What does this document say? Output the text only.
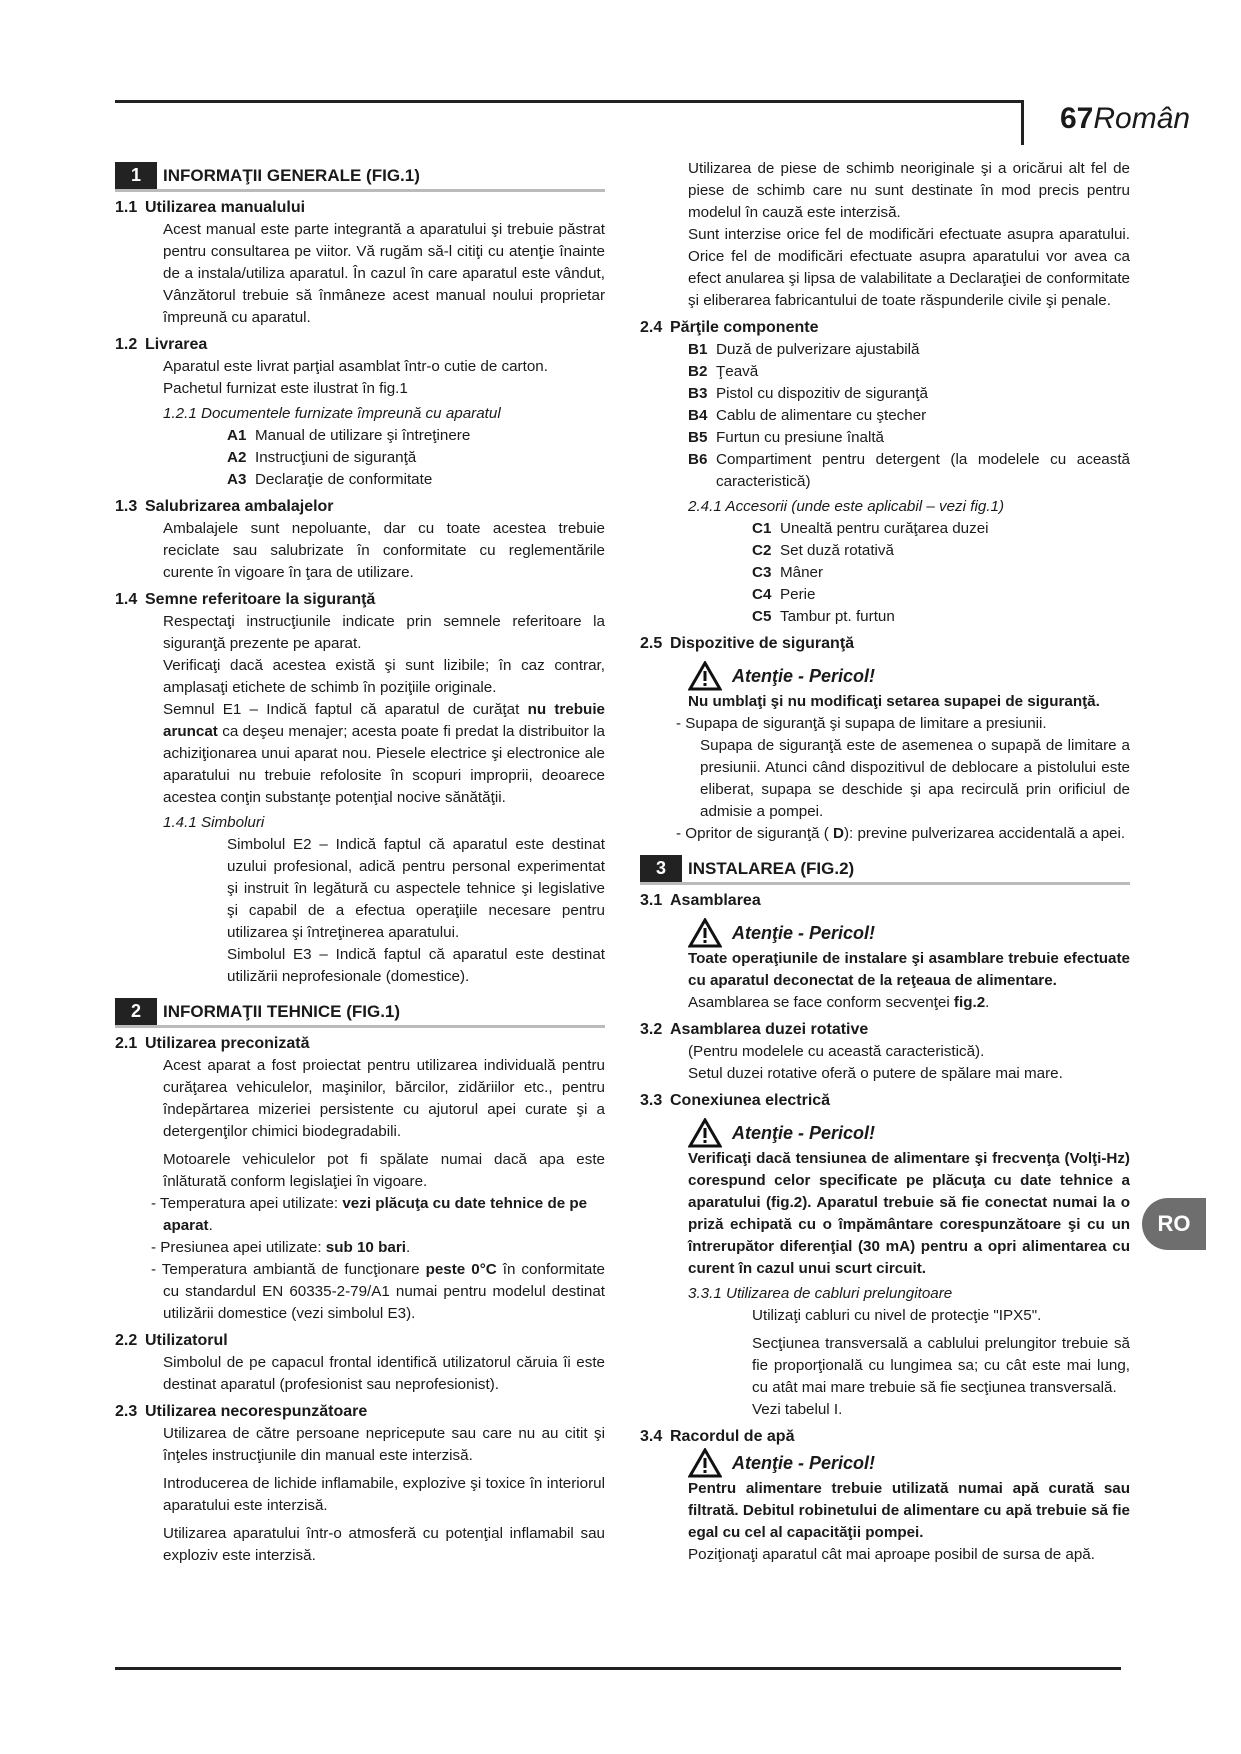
67Român
RO
1	INFORMAŢII GENERALE (FIG.1)
1.1 Utilizarea manualului

Acest manual este parte integrantă a aparatului şi trebuie păstrat pentru consultarea pe viitor. Vă rugăm să-l citiţi cu atenţie înainte de a instala/utiliza aparatul. În cazul în care aparatul este vândut, Vânzătorul trebuie să înmâneze acest manual noului proprietar împreună cu aparatul.

1.2 Livrarea

Aparatul este livrat parţial asamblat într-o cutie de carton.

Pachetul furnizat este ilustrat în fig.1

1.2.1 Documentele furnizate împreună cu aparatul
A1 Manual de utilizare şi întreţinere
A2 Instrucţiuni de siguranţă
A3 Declaraţie de conformitate
1.3 Salubrizarea ambalajelor

Ambalajele sunt nepoluante, dar cu toate acestea trebuie reciclate sau salubrizate în conformitate cu reglementările curente în vigoare în ţara de utilizare.

1.4 Semne referitoare la siguranţă

Respectaţi instrucţiunile indicate prin semnele referitoare la siguranţă prezente pe aparat.

Verificaţi dacă acestea există şi sunt lizibile; în caz contrar, amplasaţi etichete de schimb în poziţiile originale.

Semnul E1 – Indică faptul că aparatul de curăţat nu trebuie aruncat ca deşeu menajer; acesta poate fi predat la distribuitor la achiziţionarea unui aparat nou. Piesele electrice şi electronice ale aparatului nu trebuie refolosite în scopuri improprii, deoarece acestea conţin substanţe potenţial nocive sănătăţii.

1.4.1 Simboluri

Simbolul E2 – Indică faptul că aparatul este destinat uzului profesional, adică pentru personal experimentat şi instruit în legătură cu aspectele tehnice şi legislative şi capabil de a efectua operaţiile necesare pentru utilizarea şi întreţinerea aparatului.

Simbolul E3 – Indică faptul că aparatul este destinat utilizării neprofesionale (domestice).

2	INFORMAŢII TEHNICE (FIG.1)
2.1 Utilizarea preconizată

Acest aparat a fost proiectat pentru utilizarea individuală pentru curăţarea vehiculelor, maşinilor, bărcilor, zidăriilor etc., pentru îndepărtarea mizeriei persistente cu ajutorul apei curate şi a detergenţilor chimici biodegradabili.

Motoarele vehiculelor pot fi spălate numai dacă apa este înlăturată conform legislaţiei în vigoare.

- Temperatura apei utilizate: vezi plăcuţa cu date tehnice de pe aparat.

- Presiunea apei utilizate: sub 10 bari.

- Temperatura ambiantă de funcţionare peste 0°C în conformitate cu standardul EN 60335-2-79/A1 numai pentru modelul destinat utilizării domestice (vezi simbolul E3).

2.2 Utilizatorul

Simbolul de pe capacul frontal identifică utilizatorul căruia îi este destinat aparatul (profesionist sau neprofesionist).

2.3 Utilizarea necorespunzătoare

Utilizarea de către persoane nepricepute sau care nu au citit şi înţeles instrucţiunile din manual este interzisă.

Introducerea de lichide inflamabile, explozive şi toxice în interiorul aparatului este interzisă.

Utilizarea aparatului într-o atmosferă cu potenţial inflamabil sau exploziv este interzisă.

Utilizarea de piese de schimb neoriginale şi a oricărui alt fel de piese de schimb care nu sunt destinate în mod precis pentru modelul în cauză este interzisă.

Sunt interzise orice fel de modificări efectuate asupra aparatului. Orice fel de modificări efectuate asupra aparatului vor avea ca efect anularea şi lipsa de valabilitate a Declaraţiei de conformitate şi eliberarea fabricantului de toate răspunderile civile şi penale.

2.4 Părţile componente
B1 Duză de pulverizare ajustabilă
B2 Ţeavă
B3 Pistol cu dispozitiv de siguranţă
B4 Cablu de alimentare cu ştecher
B5 Furtun cu presiune înaltă
B6 Compartiment pentru detergent (la modelele cu această caracteristică)
2.4.1 Accesorii (unde este aplicabil – vezi fig.1)
C1 Unealtă pentru curăţarea duzei
C2 Set duză rotativă
C3 Mâner
C4 Perie
C5 Tambur pt. furtun
2.5 Dispozitive de siguranţă
Atenţie - Pericol!
Nu umblaţi şi nu modificaţi setarea supapei de siguranţă.

- Supapa de siguranţă şi supapa de limitare a presiunii.

Supapa de siguranţă este de asemenea o supapă de limitare a presiunii. Atunci când dispozitivul de deblocare a pistolului este eliberat, supapa se deschide şi apa recirculă prin orificiul de admisie a pompei.

- Opritor de siguranţă ( D): previne pulverizarea accidentală a apei.

3	INSTALAREA (FIG.2)
3.1 Asamblarea
Atenţie - Pericol!
Toate operaţiunile de instalare şi asamblare trebuie efectuate cu aparatul deconectat de la reţeaua de alimentare.

Asamblarea se face conform secvenţei fig.2.

3.2 Asamblarea duzei rotative

(Pentru modelele cu această caracteristică).

Setul duzei rotative oferă o putere de spălare mai mare.

3.3 Conexiunea electrică
Atenţie - Pericol!
Verificaţi dacă tensiunea de alimentare şi frecvenţa (Volţi-Hz) corespund celor specificate pe plăcuţa cu date tehnice a aparatului (fig.2). Aparatul trebuie să fie conectat numai la o priză echipată cu o împământare corespunzătoare şi cu un întrerupător diferenţial (30 mA) pentru a opri alimentarea cu curent în cazul unui scurt circuit.
3.3.1 Utilizarea de cabluri prelungitoare

Utilizaţi cabluri cu nivel de protecţie "IPX5".

Secţiunea transversală a cablului prelungitor trebuie să fie proporţională cu lungimea sa; cu cât este mai lung, cu atât mai mare trebuie să fie secţiunea transversală.

Vezi tabelul I.

3.4 Racordul de apă
Atenţie - Pericol!
Pentru alimentare trebuie utilizată numai apă curată sau filtrată. Debitul robinetului de alimentare cu apă trebuie să fie egal cu cel al capacităţii pompei.

Poziţionaţi aparatul cât mai aproape posibil de sursa de apă.
